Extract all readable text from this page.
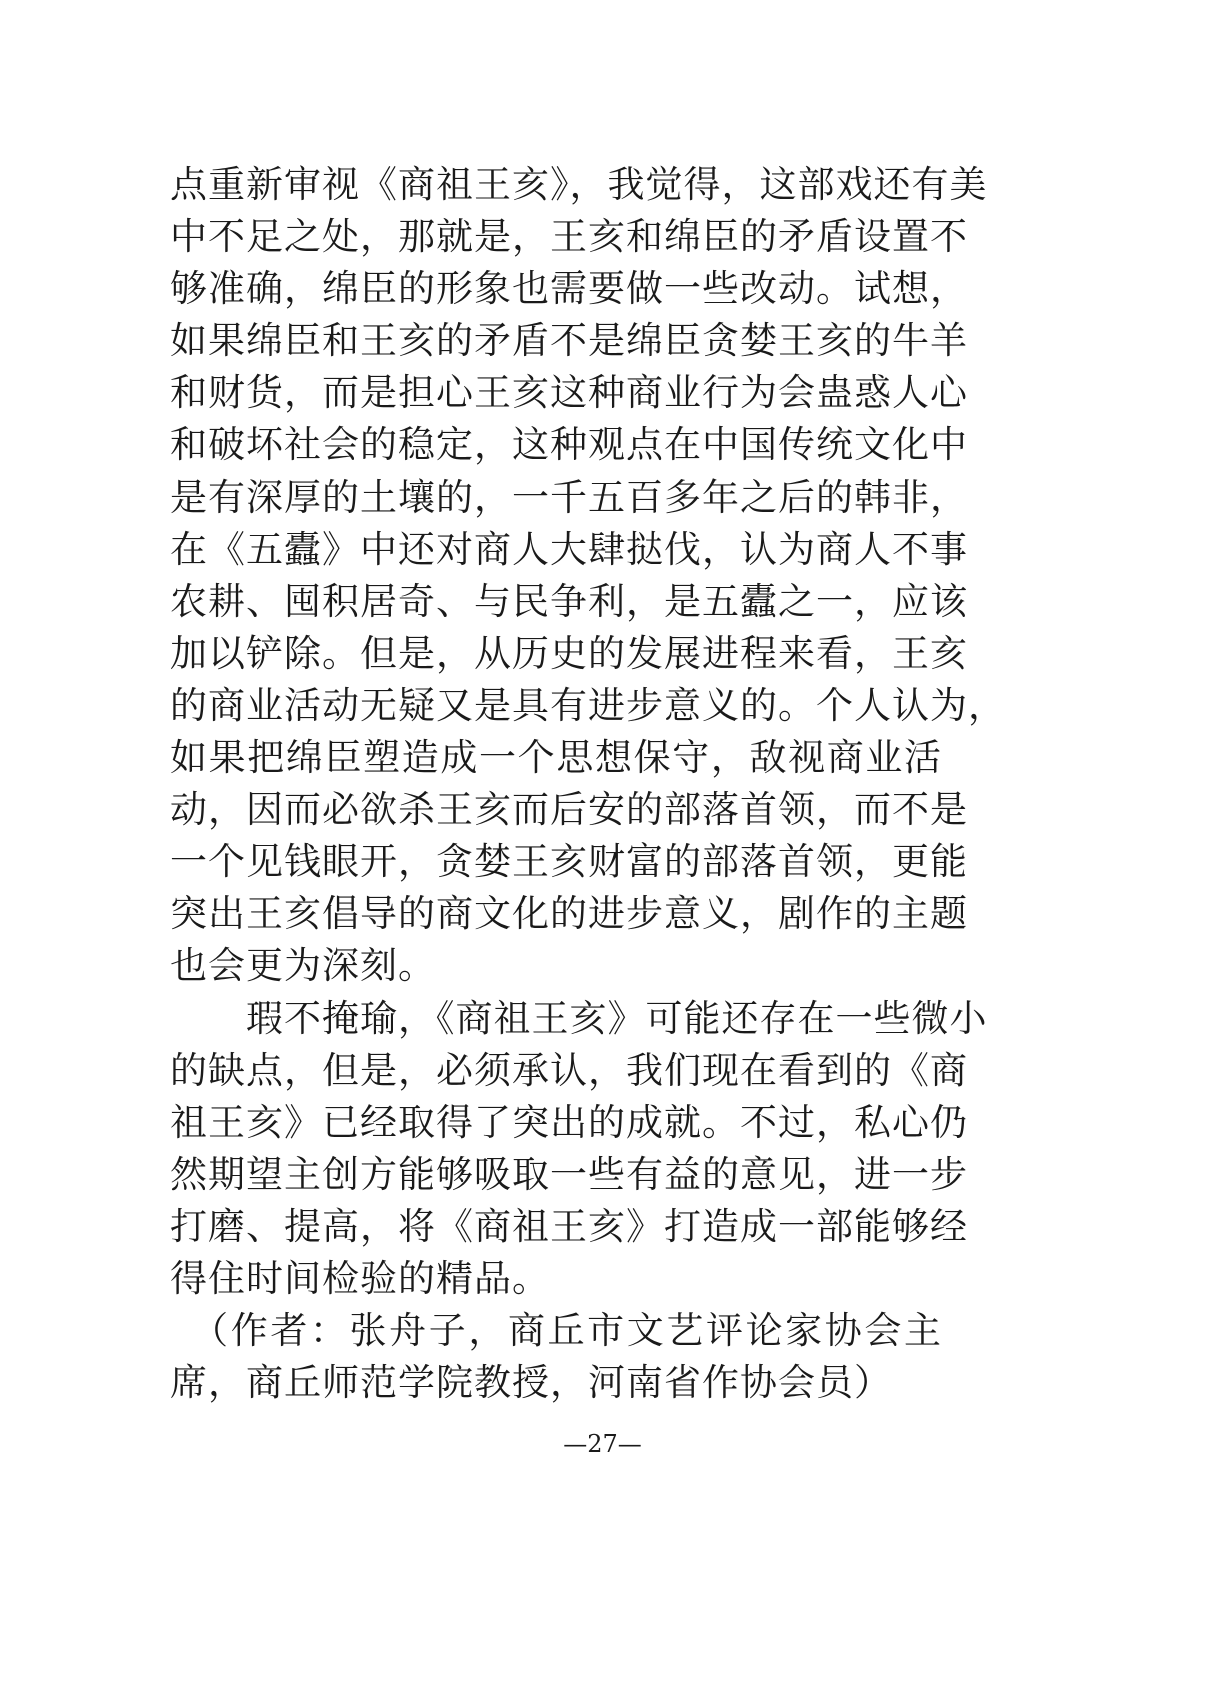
点重新审视《商祖王亥》，我觉得，这部戏还有美
中不足之处，那就是，王亥和绵臣的矛盾设置不
够准确，绵臣的形象也需要做一些改动。试想，
如果绵臣和王亥的矛盾不是绵臣贪婪王亥的牛羊
和财货，而是担心王亥这种商业行为会蛊惑人心
和破坏社会的稳定，这种观点在中国传统文化中
是有深厚的土壤的，一千五百多年之后的韩非，
在《五蠹》中还对商人大肆挞伐，认为商人不事
农耕、囤积居奇、与民争利，是五蠹之一，应该
加以铲除。但是，从历史的发展进程来看，王亥
的商业活动无疑又是具有进步意义的。个人认为，
如果把绵臣塑造成一个思想保守，敌视商业活
动，因而必欲杀王亥而后安的部落首领，而不是
一个见钱眼开，贪婪王亥财富的部落首领，更能
突出王亥倡导的商文化的进步意义，剧作的主题
也会更为深刻。
　　瑕不掩瑜，《商祖王亥》可能还存在一些微小
的缺点，但是，必须承认，我们现在看到的《商
祖王亥》已经取得了突出的成就。不过，私心仍
然期望主创方能够吸取一些有益的意见，进一步
打磨、提高，将《商祖王亥》打造成一部能够经
得住时间检验的精品。
　（作者：张舟子，商丘市文艺评论家协会主
席，商丘师范学院教授，河南省作协会员）
—27—
